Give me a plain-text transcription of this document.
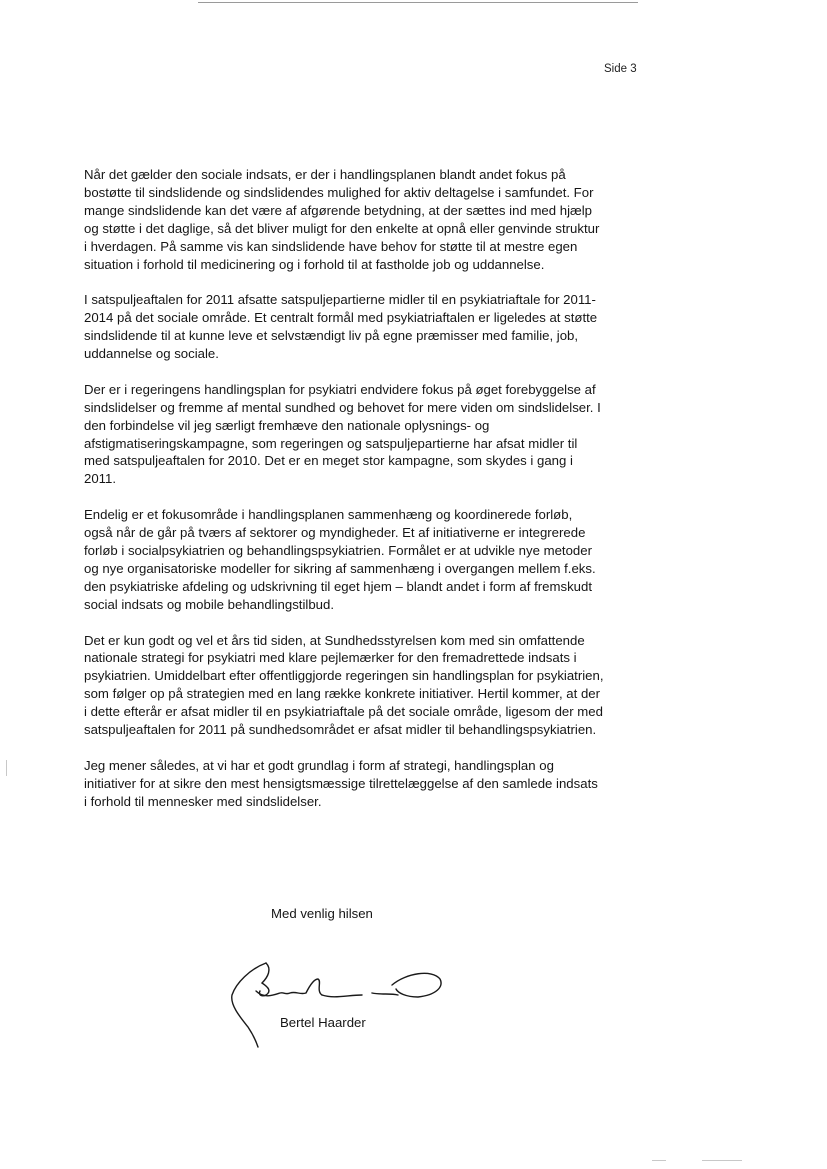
Side 3

Når det gælder den sociale indsats, er der i handlingsplanen blandt andet fokus på bostøtte til sindslidende og sindslidendes mulighed for aktiv deltagelse i samfundet. For mange sindslidende kan det være af afgørende betydning, at der sættes ind med hjælp og støtte i det daglige, så det bliver muligt for den enkelte at opnå eller genvinde struktur i hverdagen. På samme vis kan sindslidende have behov for støtte til at mestre egen situation i forhold til medicinering og i forhold til at fastholde job og uddannelse.

I satspuljeaftalen for 2011 afsatte satspuljepartierne midler til en psykiatriaftale for 2011-2014 på det sociale område. Et centralt formål med psykiatriaftalen er ligeledes at støtte sindslidende til at kunne leve et selvstændigt liv på egne præmisser med familie, job, uddannelse og sociale.

Der er i regeringens handlingsplan for psykiatri endvidere fokus på øget forebyggelse af sindslidelser og fremme af mental sundhed og behovet for mere viden om sindslidelser. I den forbindelse vil jeg særligt fremhæve den nationale oplysnings- og afstigmatiseringskampagne, som regeringen og satspuljepartierne har afsat midler til med satspuljeaftalen for 2010. Det er en meget stor kampagne, som skydes i gang i 2011.

Endelig er et fokusområde i handlingsplanen sammenhæng og koordinerede forløb, også når de går på tværs af sektorer og myndigheder. Et af initiativerne er integrerede forløb i socialpsykiatrien og behandlingspsykiatrien. Formålet er at udvikle nye metoder og nye organisatoriske modeller for sikring af sammenhæng i overgangen mellem f.eks. den psykiatriske afdeling og udskrivning til eget hjem – blandt andet i form af fremskudt social indsats og mobile behandlingstilbud.

Det er kun godt og vel et års tid siden, at Sundhedsstyrelsen kom med sin omfattende nationale strategi for psykiatri med klare pejlemærker for den fremadrettede indsats i psykiatrien. Umiddelbart efter offentliggjorde regeringen sin handlingsplan for psykiatrien, som følger op på strategien med en lang række konkrete initiativer. Hertil kommer, at der i dette efterår er afsat midler til en psykiatriaftale på det sociale område, ligesom der med satspuljeaftalen for 2011 på sundhedsområdet er afsat midler til behandlingspsykiatrien.

Jeg mener således, at vi har et godt grundlag i form af strategi, handlingsplan og initiativer for at sikre den mest hensigtsmæssige tilrettelæggelse af den samlede indsats i forhold til mennesker med sindslidelser.

Med venlig hilsen
Bertel Haarder
